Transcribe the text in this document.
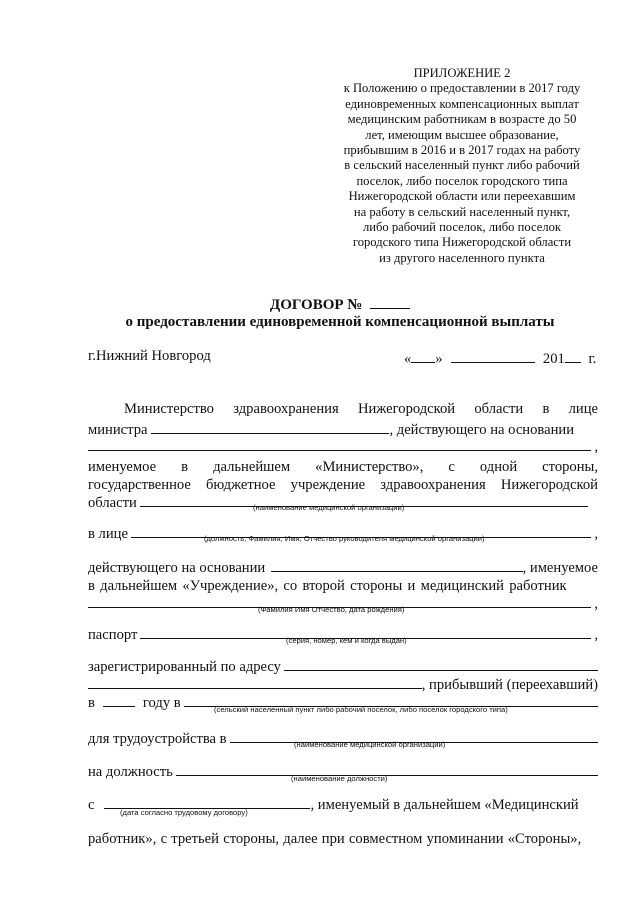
ПРИЛОЖЕНИЕ 2
к Положению о предоставлении в 2017 году
единовременных компенсационных выплат
медицинским работникам в возрасте до 50
лет, имеющим высшее образование,
прибывшим в 2016 и в 2017 годах на работу
в сельский населенный пункт либо рабочий
поселок, либо поселок городского типа
Нижегородской области или переехавшим
на работу в сельский населенный пункт,
либо рабочий поселок, либо поселок
городского типа Нижегородской области
из другого населенного пункта
ДОГОВОР №
о предоставлении единовременной компенсационной выплаты
г.Нижний Новгород	« »	201 г.
Министерство здравоохранения Нижегородской области в лице
министра	, действующего на основании
,
именуемое в дальнейшем «Министерство», с одной стороны,
государственное бюджетное учреждение здравоохранения Нижегородской
области	(наименование медицинской организации)
в лице	,
(должность, Фамилия, Имя, Отчество руководителя медицинской организации)
действующего на основании	, именуемое
в дальнейшем «Учреждение», со второй стороны и медицинский работник
,
(Фамилия Имя Отчество, дата рождения)
паспорт	,
(серия, номер, кем и когда выдан)
зарегистрированный по адресу
, прибывший (переехавший)
в	году в	(сельский населенный пункт либо рабочий поселок, либо поселок городского типа)
для трудоустройства в	(наименование медицинской организации)
на должность	(наименование должности)
с	, именуемый в дальнейшем «Медицинский
(дата согласно трудовому договору)
работник», с третьей стороны, далее при совместном упоминании «Стороны»,
